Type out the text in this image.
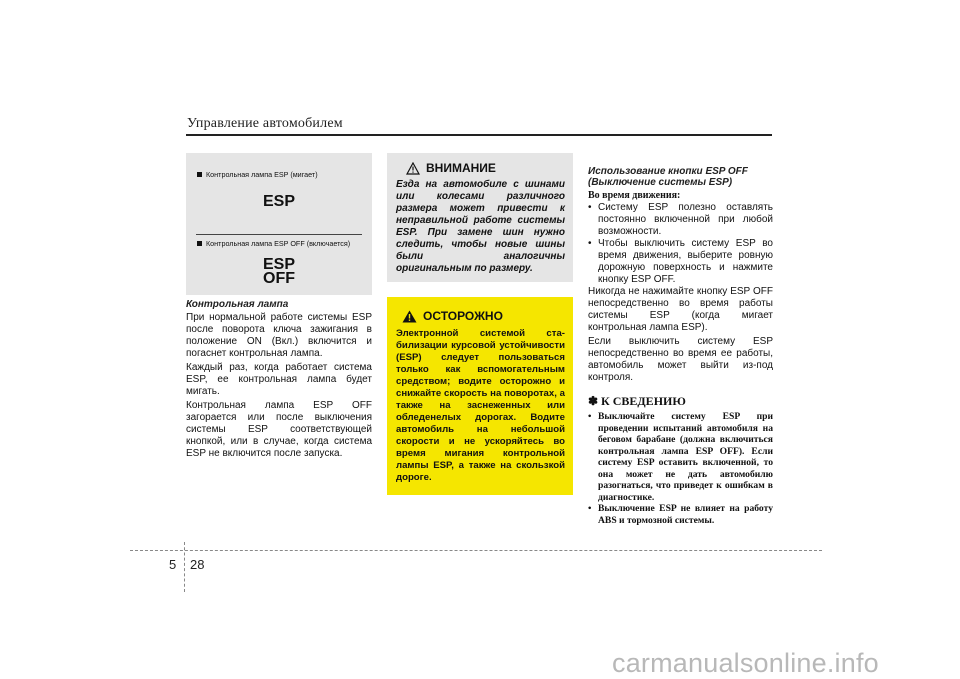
Управление автомобилем
Контрольная лампа ESP (мигает)
ESP
Контрольная лампа ESP OFF (включается)
ESP
OFF
Контрольная лампа
При нормальной работе системы ESP после поворота ключа зажигания в положение ON (Вкл.) включится и погаснет контрольная лампа.
Каждый раз, когда работает система ESP, ее контрольная лампа будет мигать.
Контрольная лампа ESP OFF загорается или после выключения системы ESP соответствующей кнопкой, или в случае, когда система ESP не включится после запуска.
ВНИМАНИЕ
Езда на автомобиле с шинами или колесами различного размера может привести к неправильной работе системы ESP. При замене шин нужно следить, чтобы новые шины были аналогичны оригинальным по размеру.
ОСТОРОЖНО
Электронной системой ста-билизации курсовой устойчивости (ESP) следует пользоваться только как вспомогательным средством; водите осторожно и снижайте скорость на поворотах, а также на заснеженных или обледенелых дорогах. Водите автомобиль на небольшой скорости и не ускоряйтесь во время мигания контрольной лампы ESP, а также на скользкой дороге.
Использование кнопки ESP OFF
(Выключение системы ESP)
Во время движения:
• Систему ESP полезно оставлять постоянно включенной при любой возможности.
• Чтобы выключить систему ESP во время движения, выберите ровную дорожную поверхность и нажмите кнопку ESP OFF.
Никогда не нажимайте кнопку ESP OFF непосредственно во время работы системы ESP (когда мигает контрольная лампа ESP).
Если выключить систему ESP непосредственно во время ее работы, автомобиль может выйти из-под контроля.
✽ К СВЕДЕНИЮ
• Выключайте систему ESP при проведении испытаний автомобиля на беговом барабане (должна включиться контрольная лампа ESP OFF). Если систему ESP оставить включенной, то она может не дать автомобилю разогнаться, что приведет к ошибкам в диагностике.
• Выключение ESP не влияет на работу ABS и тормозной системы.
5 28
carmanualsonline.info
